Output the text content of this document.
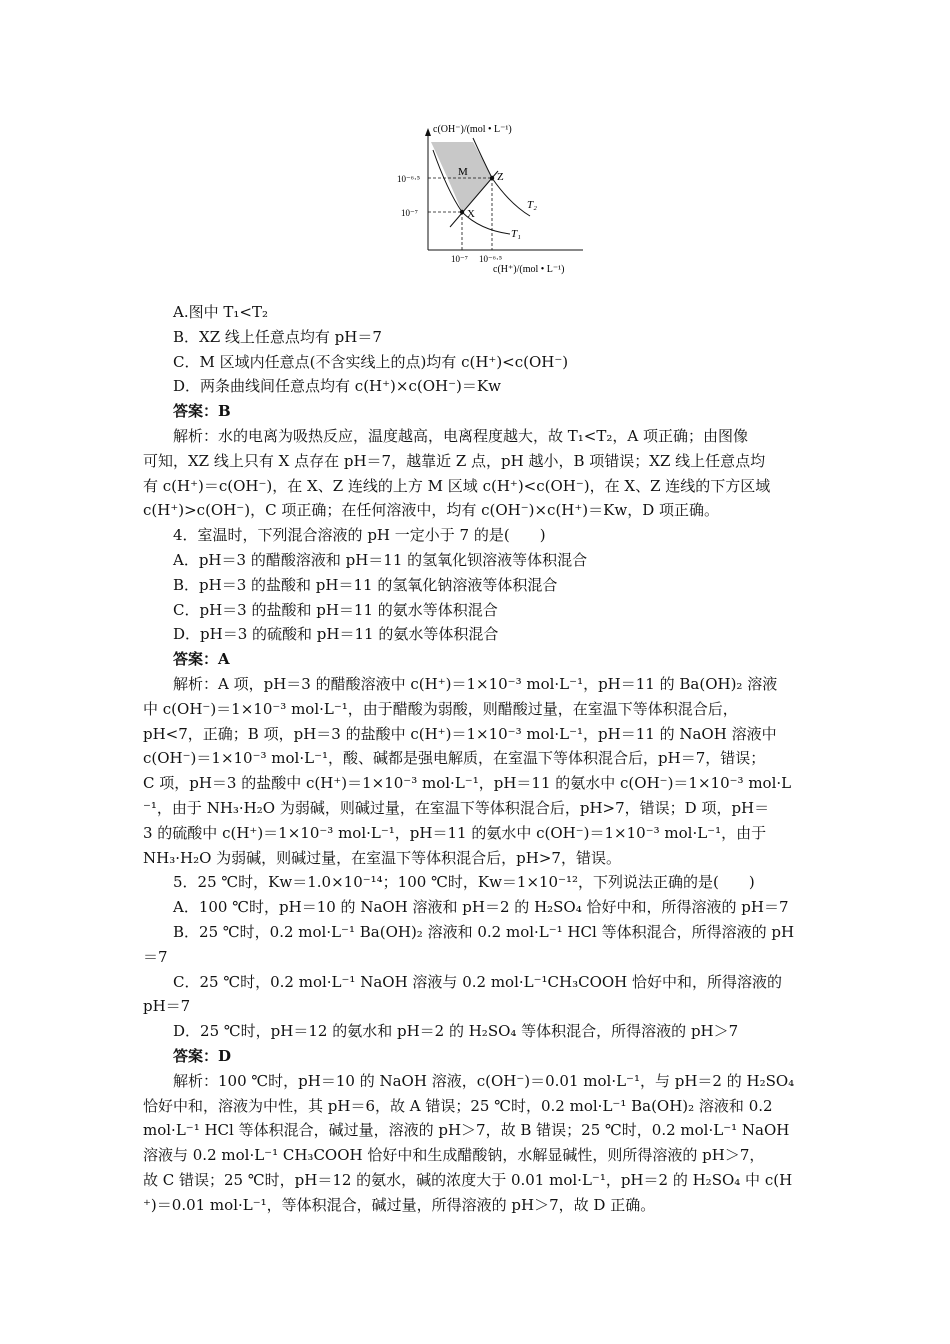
c(OH⁻)/(mol • L⁻¹)
c(H⁺)/(mol • L⁻¹)
10⁻⁶·⁵
10⁻⁷
10⁻⁷ 10⁻⁶·⁵
M	Z
X
T₂
T₁
A.图中 T₁<T₂
B．XZ 线上任意点均有 pH＝7
C．M 区域内任意点(不含实线上的点)均有 c(H⁺)<c(OH⁻)
D．两条曲线间任意点均有 c(H⁺)×c(OH⁻)＝Kw
答案：B
解析：水的电离为吸热反应，温度越高，电离程度越大，故 T₁<T₂，A 项正确；由图像
可知，XZ 线上只有 X 点存在 pH＝7，越靠近 Z 点，pH 越小，B 项错误；XZ 线上任意点均
有 c(H⁺)＝c(OH⁻)，在 X、Z 连线的上方 M 区域 c(H⁺)<c(OH⁻)，在 X、Z 连线的下方区域
c(H⁺)>c(OH⁻)，C 项正确；在任何溶液中，均有 c(OH⁻)×c(H⁺)＝Kw，D 项正确。
4．室温时，下列混合溶液的 pH 一定小于 7 的是(　　)
A．pH＝3 的醋酸溶液和 pH＝11 的氢氧化钡溶液等体积混合
B．pH＝3 的盐酸和 pH＝11 的氢氧化钠溶液等体积混合
C．pH＝3 的盐酸和 pH＝11 的氨水等体积混合
D．pH＝3 的硫酸和 pH＝11 的氨水等体积混合
答案：A
解析：A 项，pH＝3 的醋酸溶液中 c(H⁺)＝1×10⁻³ mol·L⁻¹，pH＝11 的 Ba(OH)₂ 溶液
中 c(OH⁻)＝1×10⁻³ mol·L⁻¹，由于醋酸为弱酸，则醋酸过量，在室温下等体积混合后，
pH<7，正确；B 项，pH＝3 的盐酸中 c(H⁺)＝1×10⁻³ mol·L⁻¹，pH＝11 的 NaOH 溶液中
c(OH⁻)＝1×10⁻³ mol·L⁻¹，酸、碱都是强电解质，在室温下等体积混合后，pH＝7，错误；
C 项，pH＝3 的盐酸中 c(H⁺)＝1×10⁻³ mol·L⁻¹，pH＝11 的氨水中 c(OH⁻)＝1×10⁻³ mol·L
⁻¹，由于 NH₃·H₂O 为弱碱，则碱过量，在室温下等体积混合后，pH>7，错误；D 项，pH＝
3 的硫酸中 c(H⁺)＝1×10⁻³ mol·L⁻¹，pH＝11 的氨水中 c(OH⁻)＝1×10⁻³ mol·L⁻¹，由于
NH₃·H₂O 为弱碱，则碱过量，在室温下等体积混合后，pH>7，错误。
5．25 ℃时，Kw＝1.0×10⁻¹⁴；100 ℃时，Kw＝1×10⁻¹²，下列说法正确的是(　　)
A．100 ℃时，pH＝10 的 NaOH 溶液和 pH＝2 的 H₂SO₄ 恰好中和，所得溶液的 pH＝7
B．25 ℃时，0.2 mol·L⁻¹ Ba(OH)₂ 溶液和 0.2 mol·L⁻¹ HCl 等体积混合，所得溶液的 pH
＝7
C．25 ℃时，0.2 mol·L⁻¹ NaOH 溶液与 0.2 mol·L⁻¹CH₃COOH 恰好中和，所得溶液的
pH＝7
D．25 ℃时，pH＝12 的氨水和 pH＝2 的 H₂SO₄ 等体积混合，所得溶液的 pH＞7
答案：D
解析：100 ℃时，pH＝10 的 NaOH 溶液，c(OH⁻)＝0.01 mol·L⁻¹，与 pH＝2 的 H₂SO₄
恰好中和，溶液为中性，其 pH＝6，故 A 错误；25 ℃时，0.2 mol·L⁻¹ Ba(OH)₂ 溶液和 0.2
mol·L⁻¹ HCl 等体积混合，碱过量，溶液的 pH＞7，故 B 错误；25 ℃时，0.2 mol·L⁻¹ NaOH
溶液与 0.2 mol·L⁻¹ CH₃COOH 恰好中和生成醋酸钠，水解显碱性，则所得溶液的 pH＞7，
故 C 错误；25 ℃时，pH＝12 的氨水，碱的浓度大于 0.01 mol·L⁻¹，pH＝2 的 H₂SO₄ 中 c(H
⁺)＝0.01 mol·L⁻¹，等体积混合，碱过量，所得溶液的 pH＞7，故 D 正确。
